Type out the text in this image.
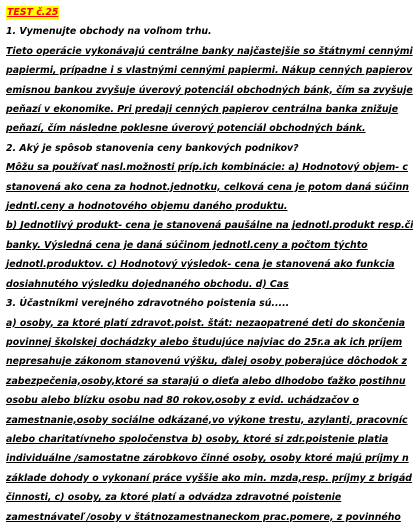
TEST č.25
1. Vymenujte obchody na voľnom trhu.
Tieto operácie vykonávajú centrálne banky najčastejšie so štátnymi cennými
papiermi, prípadne i s vlastnými cennými papiermi. Nákup cenných papierov
emisnou bankou zvyšuje úverový potenciál obchodných bánk, čím sa zvyšuje
peňazí v ekonomike. Pri predaji cenných papierov centrálna banka znižuje
peňazí, čím následne poklesne úverový potenciál obchodných bánk.
2. Aký je spôsob stanovenia ceny bankových podnikov?
Môžu sa používať nasl.možnosti príp.ich kombinácie: a) Hodnotový objem- c
stanovená ako cena za hodnot.jednotku, celková cena je potom daná súčinn
jedntl.ceny a hodnotového objemu daného produktu.
b) Jednotlivý produkt- cena je stanovená paušálne na jednotl.produkt resp.či
banky. Výsledná cena je daná súčinom jednotl.ceny a počtom týchto
jednotl.produktov. c) Hodnotový výsledok- cena je stanovená ako funkcia
dosiahnutého výsledku dojednaného obchodu. d) Cas
3. Účastníkmi verejného zdravotného poistenia sú.....
a) osoby, za ktoré platí zdravot.poist. štát: nezaopatrené deti do skončenia
povinnej školskej dochádzky alebo študujúce najviac do 25r.a ak ich príjem
nepresahuje zákonom stanovenú výšku, ďalej osoby poberajúce dôchodok z
zabezpečenia,osoby,ktoré sa starajú o dieťa alebo dlhodobo ťažko postihnu
osobu alebo blízku osobu nad 80 rokov,osoby z evid. uchádzačov o
zamestnanie,osoby sociálne odkázané,vo výkone trestu, azylanti, pracovníc
alebo charitatívneho spoločenstva b) osoby, ktoré si zdr.poistenie platia
individuálne /samostatne zárobkovo činné osoby, osoby ktoré majú príjmy n
základe dohody o vykonaní práce vyššie ako min. mzda,resp. príjmy z brigád
činnosti, c) osoby, za ktoré platí a odvádza zdravotné poistenie
zamestnávateľ /osoby v štátnozamestnaneckom prac.pomere, z povinného
